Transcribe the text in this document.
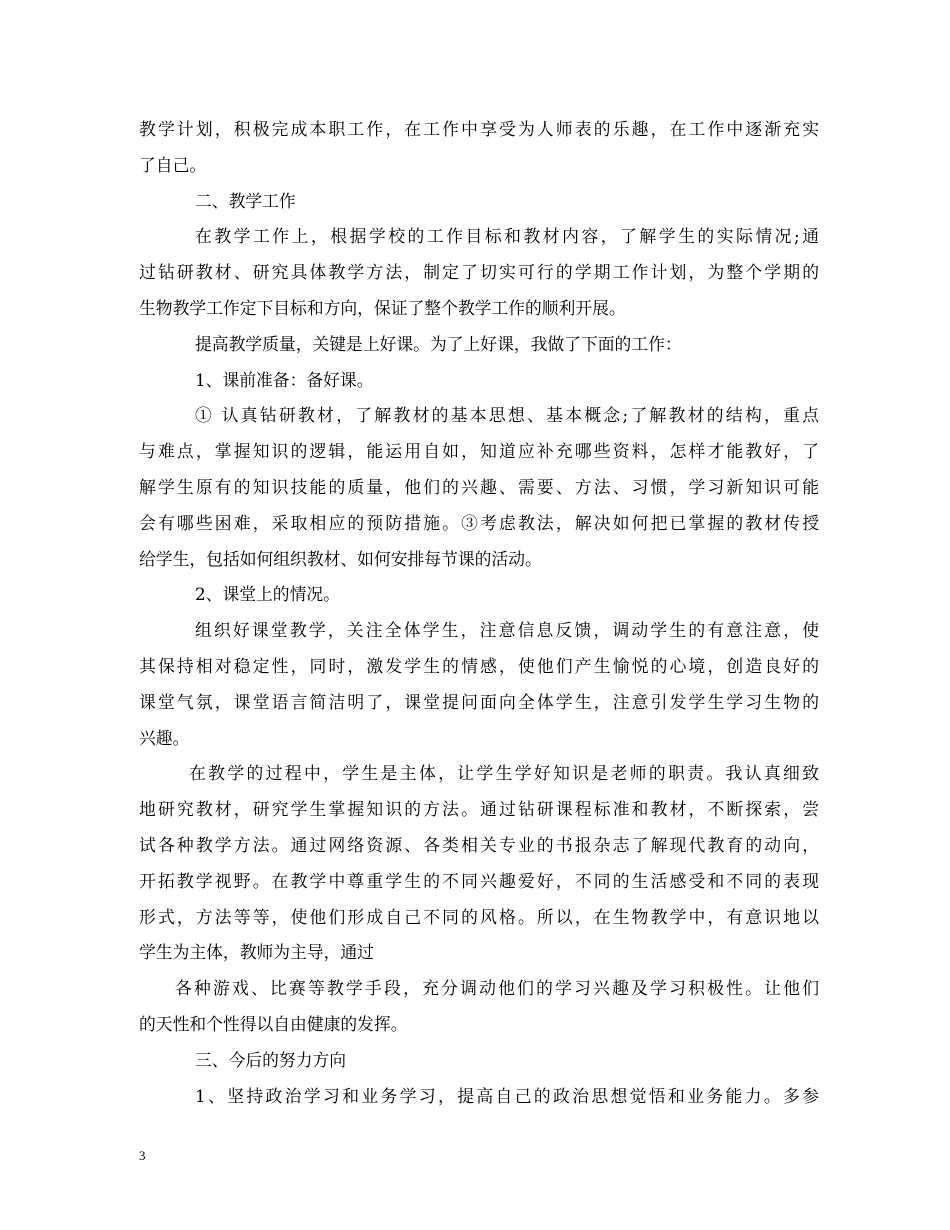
教学计划，积极完成本职工作，在工作中享受为人师表的乐趣，在工作中逐渐充实
了自己。
二、教学工作
在教学工作上，根据学校的工作目标和教材内容，了解学生的实际情况;通
过钻研教材、研究具体教学方法，制定了切实可行的学期工作计划，为整个学期的
生物教学工作定下目标和方向，保证了整个教学工作的顺利开展。
提高教学质量，关键是上好课。为了上好课，我做了下面的工作：
1、课前准备：备好课。
① 认真钻研教材，了解教材的基本思想、基本概念;了解教材的结构，重点
与难点，掌握知识的逻辑，能运用自如，知道应补充哪些资料，怎样才能教好，了
解学生原有的知识技能的质量，他们的兴趣、需要、方法、习惯，学习新知识可能
会有哪些困难，采取相应的预防措施。③考虑教法，解决如何把已掌握的教材传授
给学生，包括如何组织教材、如何安排每节课的活动。
2、课堂上的情况。
组织好课堂教学，关注全体学生，注意信息反馈，调动学生的有意注意，使
其保持相对稳定性，同时，激发学生的情感，使他们产生愉悦的心境，创造良好的
课堂气氛，课堂语言简洁明了，课堂提问面向全体学生，注意引发学生学习生物的
兴趣。
在教学的过程中，学生是主体，让学生学好知识是老师的职责。我认真细致
地研究教材，研究学生掌握知识的方法。通过钻研课程标准和教材，不断探索，尝
试各种教学方法。通过网络资源、各类相关专业的书报杂志了解现代教育的动向，
开拓教学视野。在教学中尊重学生的不同兴趣爱好，不同的生活感受和不同的表现
形式，方法等等，使他们形成自己不同的风格。所以，在生物教学中，有意识地以
学生为主体，教师为主导，通过
各种游戏、比赛等教学手段，充分调动他们的学习兴趣及学习积极性。让他们
的天性和个性得以自由健康的发挥。
三、今后的努力方向
1、坚持政治学习和业务学习，提高自己的政治思想觉悟和业务能力。多参
3
